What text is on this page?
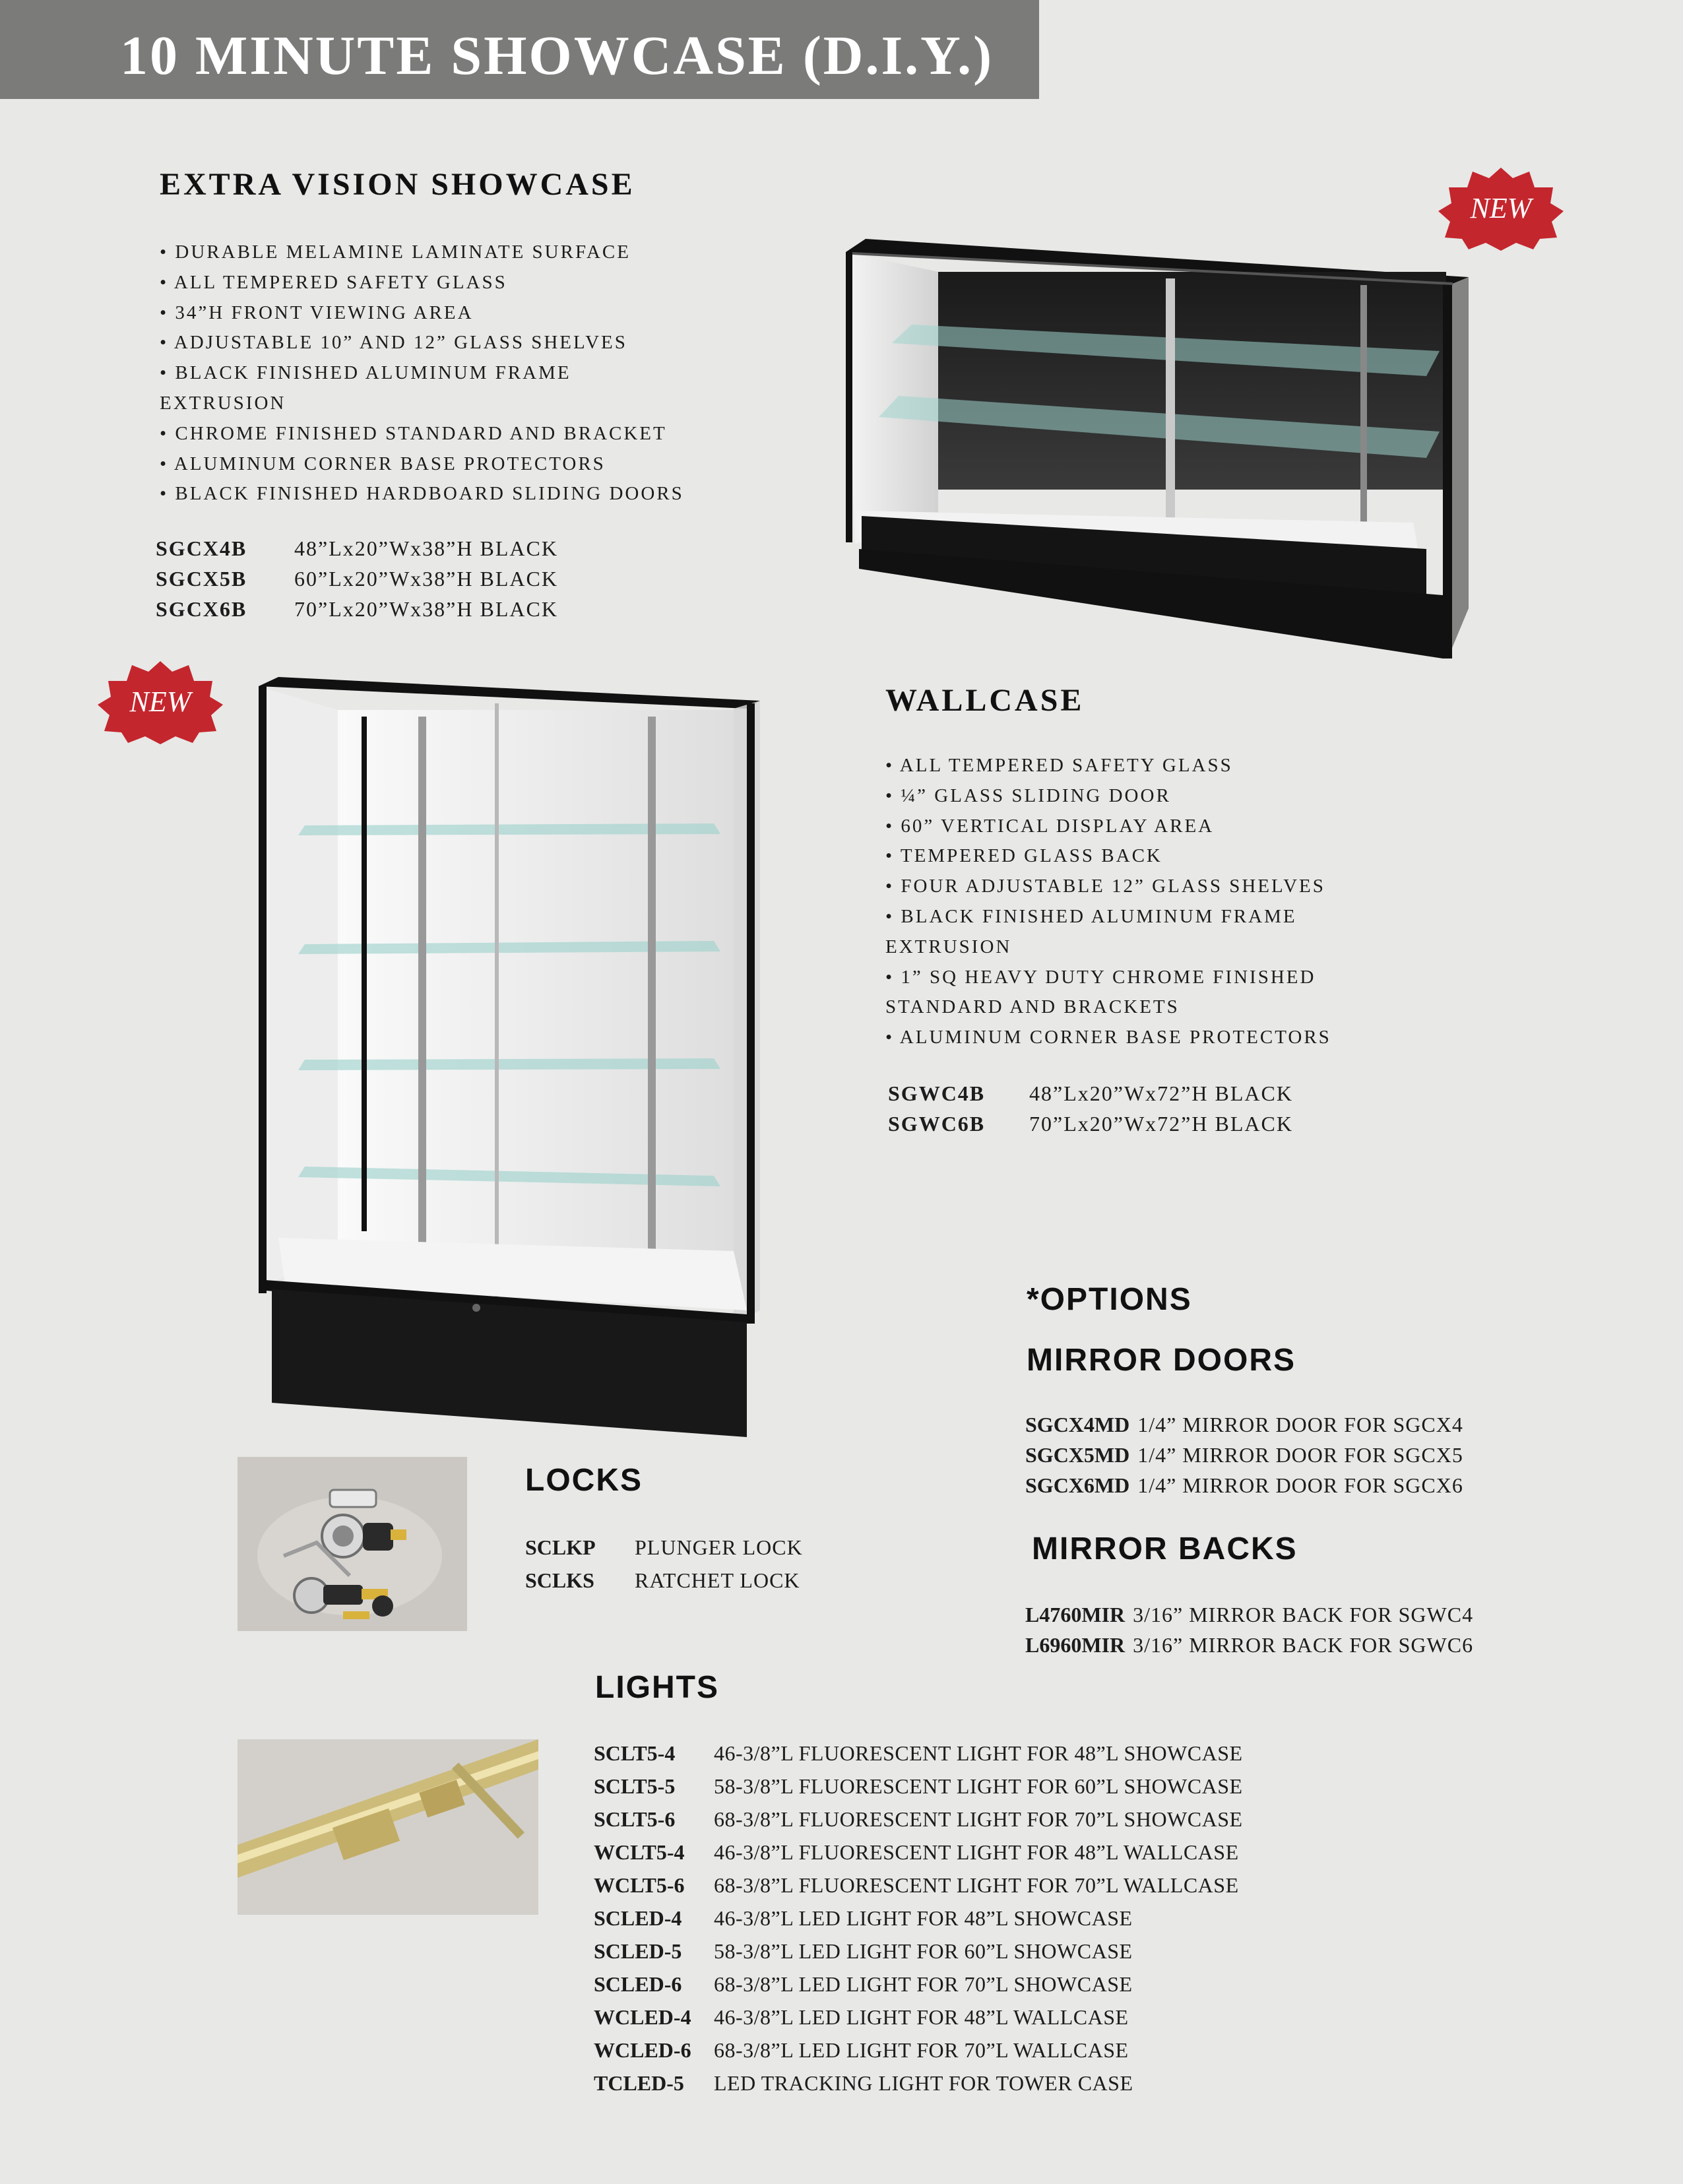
10 MINUTE SHOWCASE (D.I.Y.)
EXTRA VISION SHOWCASE
• DURABLE MELAMINE LAMINATE SURFACE
• ALL TEMPERED SAFETY GLASS
• 34”H FRONT VIEWING AREA
• ADJUSTABLE 10” AND 12” GLASS SHELVES
• BLACK FINISHED ALUMINUM FRAME
EXTRUSION
• CHROME FINISHED STANDARD AND BRACKET
• ALUMINUM CORNER BASE PROTECTORS
• BLACK FINISHED HARDBOARD SLIDING DOORS
SGCX4B 48”Lx20”Wx38”H BLACK
SGCX5B 60”Lx20”Wx38”H BLACK
SGCX6B 70”Lx20”Wx38”H BLACK
NEW
NEW	WALLCASE
• ALL TEMPERED SAFETY GLASS
• ¼” GLASS SLIDING DOOR
• 60” VERTICAL DISPLAY AREA
• TEMPERED GLASS BACK
• FOUR ADJUSTABLE 12” GLASS SHELVES
• BLACK FINISHED ALUMINUM FRAME
EXTRUSION
• 1” SQ HEAVY DUTY CHROME FINISHED
STANDARD AND BRACKETS
• ALUMINUM CORNER BASE PROTECTORS
SGWC4B 48”Lx20”Wx72”H BLACK
SGWC6B 70”Lx20”Wx72”H BLACK
*OPTIONS
MIRROR DOORS
SGCX4MD 1/4” MIRROR DOOR FOR SGCX4
SGCX5MD 1/4” MIRROR DOOR FOR SGCX5
SGCX6MD 1/4” MIRROR DOOR FOR SGCX6
MIRROR BACKS
L4760MIR 3/16” MIRROR BACK FOR SGWC4
L6960MIR 3/16” MIRROR BACK FOR SGWC6
LOCKS
SCLKP PLUNGER LOCK
SCLKS RATCHET LOCK
LIGHTS
SCLT5-4 46-3/8”L FLUORESCENT LIGHT FOR 48”L SHOWCASE
SCLT5-5 58-3/8”L FLUORESCENT LIGHT FOR 60”L SHOWCASE
SCLT5-6 68-3/8”L FLUORESCENT LIGHT FOR 70”L SHOWCASE
WCLT5-4 46-3/8”L FLUORESCENT LIGHT FOR 48”L WALLCASE
WCLT5-6 68-3/8”L FLUORESCENT LIGHT FOR 70”L WALLCASE
SCLED-4 46-3/8”L LED LIGHT FOR 48”L SHOWCASE
SCLED-5 58-3/8”L LED LIGHT FOR 60”L SHOWCASE
SCLED-6 68-3/8”L LED LIGHT FOR 70”L SHOWCASE
WCLED-4 46-3/8”L LED LIGHT FOR 48”L WALLCASE
WCLED-6 68-3/8”L LED LIGHT FOR 70”L WALLCASE
TCLED-5 LED TRACKING LIGHT FOR TOWER CASE
